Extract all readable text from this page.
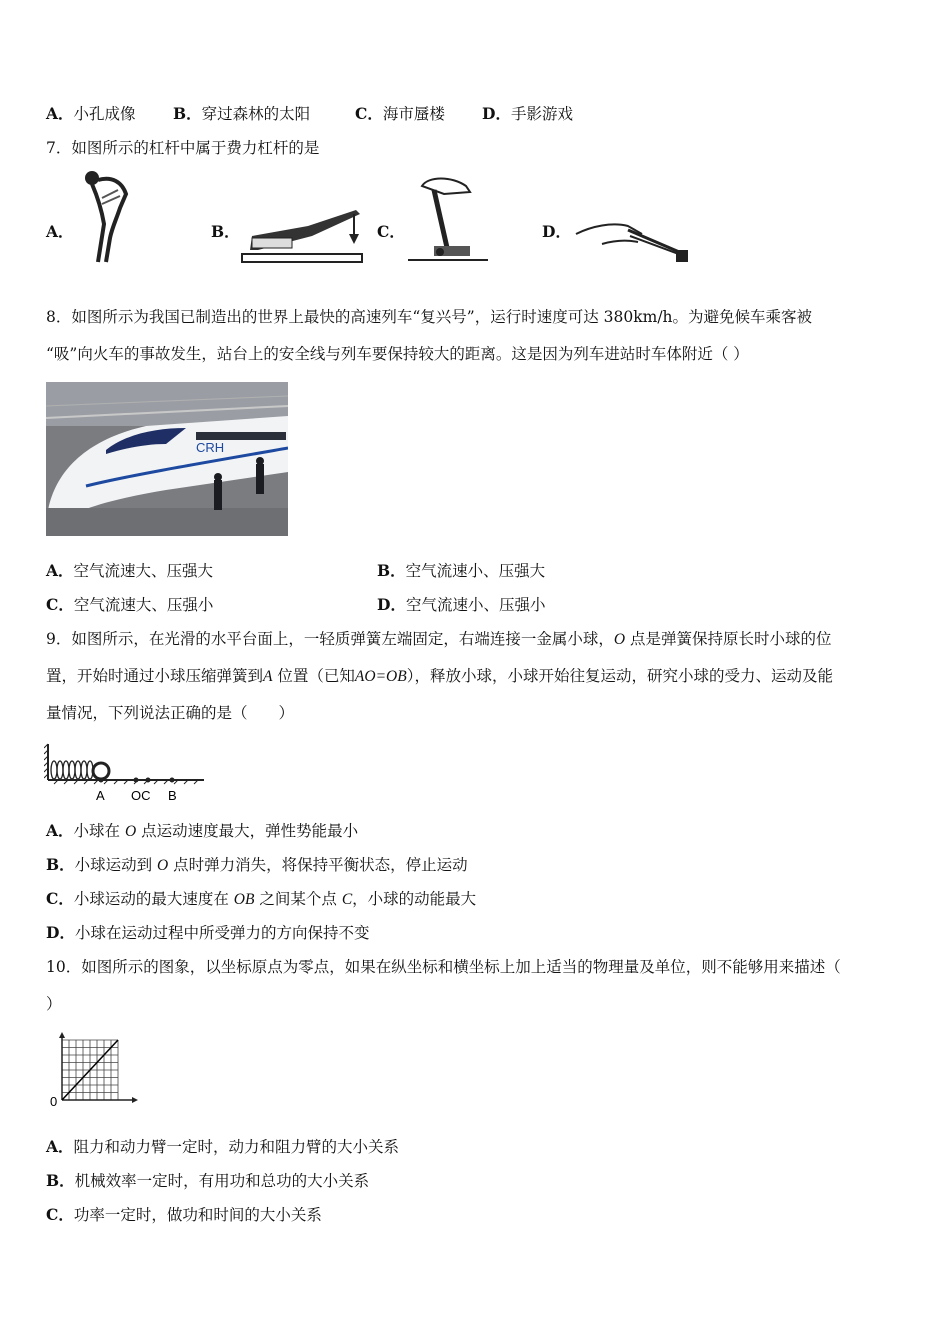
A．小孔成像 B．穿过森林的太阳	C．海市蜃楼 D．手影游戏
7．如图所示的杠杆中属于费力杠杆的是
A．	B．	C．	D．
8．如图所示为我国已制造出的世界上最快的高速列车“复兴号”，运行时速度可达 380km/h。为避免候车乘客被
“吸”向火车的事故发生，站台上的安全线与列车要保持较大的距离。这是因为列车进站时车体附近（ ）
CRH
A．空气流速大、压强大	B．空气流速小、压强大
C．空气流速大、压强小	D．空气流速小、压强小
9．如图所示，在光滑的水平台面上，一轻质弹簧左端固定，右端连接一金属小球，O 点是弹簧保持原长时小球的位
置，开始时通过小球压缩弹簧到A 位置（已知AO=OB），释放小球，小球开始往复运动，研究小球的受力、运动及能
量情况，下列说法正确的是（　　）
A OC B
A．小球在 O 点运动速度最大，弹性势能最小
B．小球运动到 O 点时弹力消失，将保持平衡状态，停止运动
C．小球运动的最大速度在 OB 之间某个点 C，小球的动能最大
D．小球在运动过程中所受弹力的方向保持不变
10．如图所示的图象，以坐标原点为零点，如果在纵坐标和横坐标上加上适当的物理量及单位，则不能够用来描述（
）
0
A．阻力和动力臂一定时，动力和阻力臂的大小关系
B．机械效率一定时，有用功和总功的大小关系
C．功率一定时，做功和时间的大小关系
